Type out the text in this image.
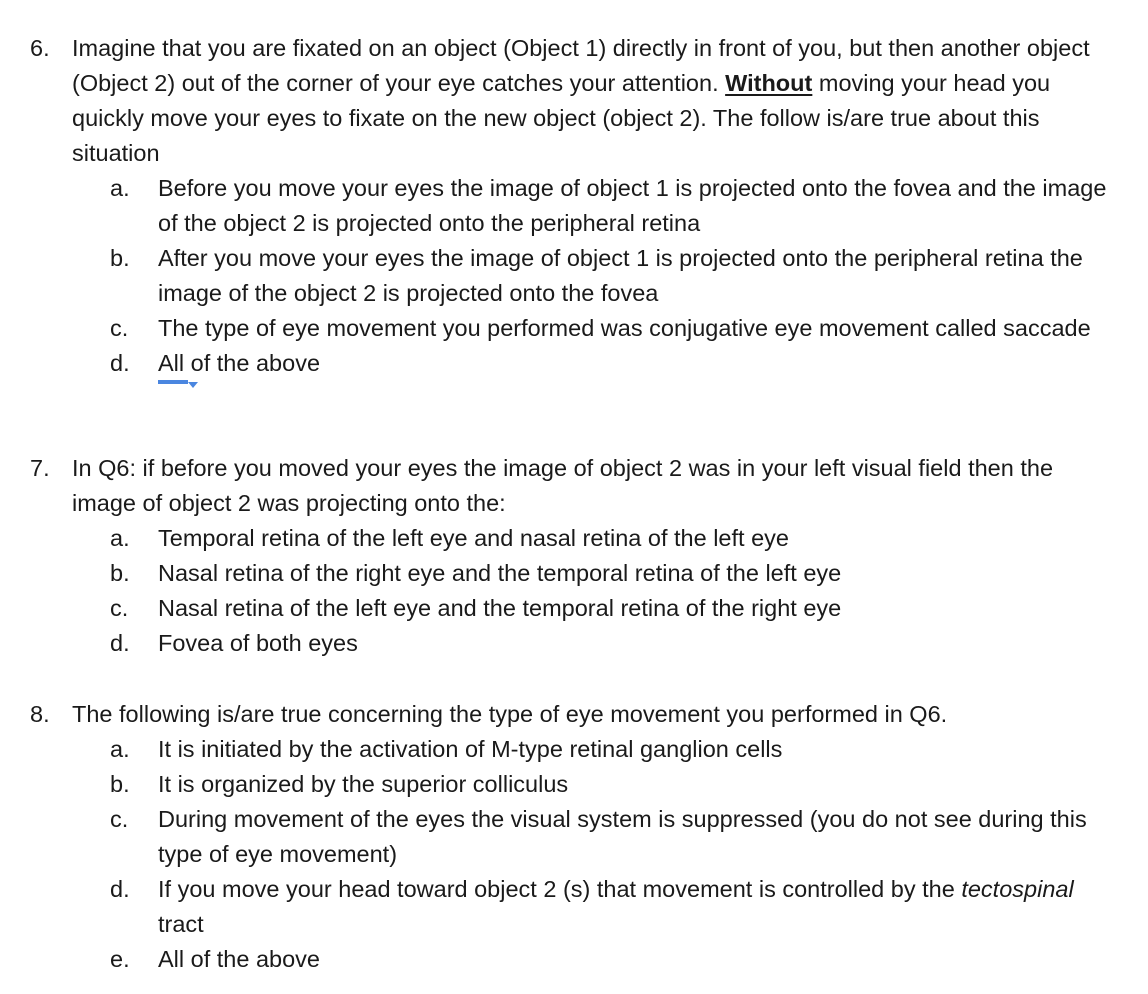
6. Imagine that you are fixated on an object (Object 1) directly in front of you, but then another object (Object 2) out of the corner of your eye catches your attention. Without moving your head you quickly move your eyes to fixate on the new object (object 2). The follow is/are true about this situation
a.	Before you move your eyes the image of object 1 is projected onto the fovea and the image of the object 2 is projected onto the peripheral retina
b.	After you move your eyes the image of object 1 is projected onto the peripheral retina the image of the object 2 is projected onto the fovea
c.	The type of eye movement you performed was conjugative eye movement called saccade
d.	All
of the above
7. In Q6: if before you moved your eyes the image of object 2 was in your left visual field then the image of object 2 was projecting onto the:
a.	Temporal retina of the left eye and nasal retina of the left eye
b.	Nasal retina of the right eye and the temporal retina of the left eye
c.	Nasal retina of the left eye and the temporal retina of the right eye
d.	Fovea of both eyes
8. The following is/are true concerning the type of eye movement you performed in Q6.
a.	It is initiated by the activation of M-type retinal ganglion cells
b.	It is organized by the superior colliculus
c.	During movement of the eyes the visual system is suppressed (you do not see during this type of eye movement)
d.	If you move your head toward object 2 (s) that movement is controlled by the tectospinal tract
e.	All of the above
